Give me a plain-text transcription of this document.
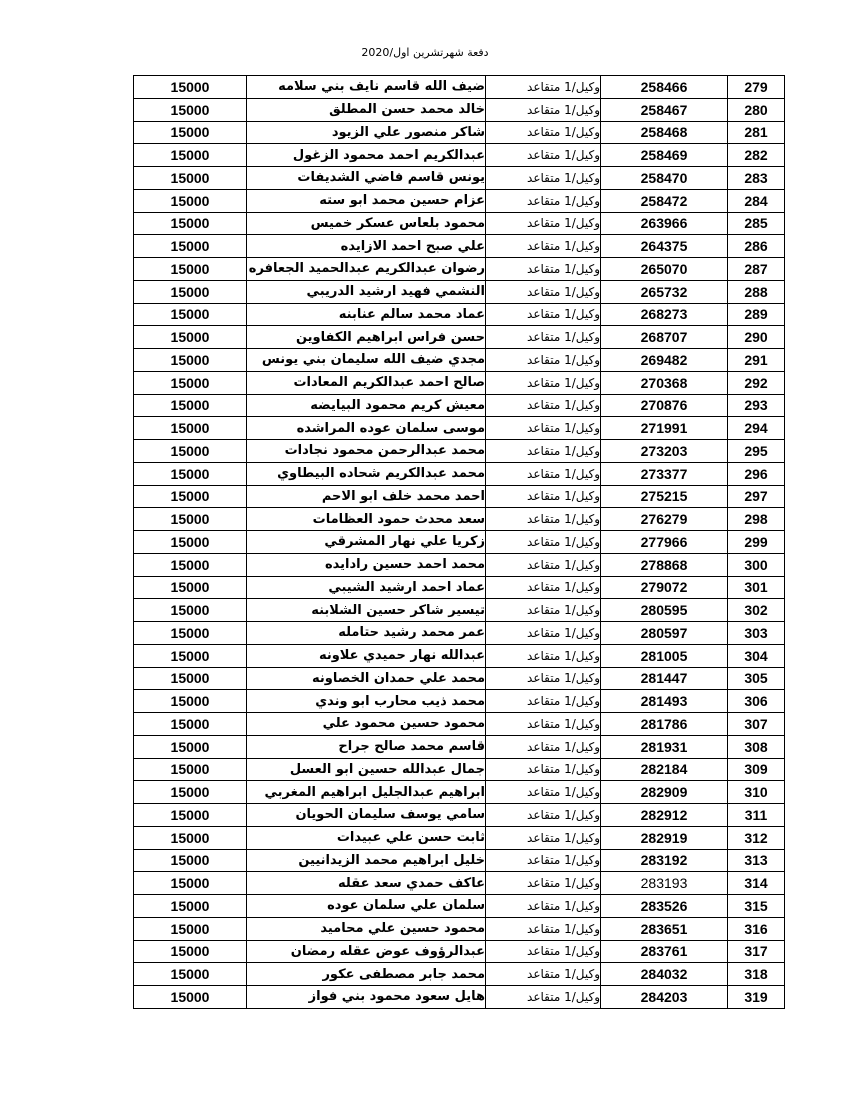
دفعة شهرتشرين اول/2020
15000	ضيف الله قاسم نايف بني سلامه	وكيل/1 متقاعد	258466	279
15000	خالد محمد حسن المطلق	وكيل/1 متقاعد	258467	280
15000	شاكر منصور علي الزيود	وكيل/1 متقاعد	258468	281
15000	عبدالكريم احمد محمود الزغول	وكيل/1 متقاعد	258469	282
15000	يونس قاسم فاضي الشديفات	وكيل/1 متقاعد	258470	283
15000	عزام حسين محمد ابو سته	وكيل/1 متقاعد	258472	284
15000	محمود بلعاس عسكر خميس	وكيل/1 متقاعد	263966	285
15000	علي صبح احمد الازايده	وكيل/1 متقاعد	264375	286
15000	رضوان عبدالكريم عبدالحميد الجعافره	وكيل/1 متقاعد	265070	287
15000	النشمي فهيد ارشيد الدريبي	وكيل/1 متقاعد	265732	288
15000	عماد محمد سالم عنابنه	وكيل/1 متقاعد	268273	289
15000	حسن فراس ابراهيم الكفاوين	وكيل/1 متقاعد	268707	290
15000	مجدي ضيف الله سليمان بني يونس	وكيل/1 متقاعد	269482	291
15000	صالح احمد عبدالكريم المعادات	وكيل/1 متقاعد	270368	292
15000	معيش كريم محمود البيايضه	وكيل/1 متقاعد	270876	293
15000	موسى سلمان عوده المراشده	وكيل/1 متقاعد	271991	294
15000	محمد عبدالرحمن محمود نجادات	وكيل/1 متقاعد	273203	295
15000	محمد عبدالكريم شحاده البيطاوي	وكيل/1 متقاعد	273377	296
15000	احمد محمد خلف ابو الاحم	وكيل/1 متقاعد	275215	297
15000	سعد محدث حمود العظامات	وكيل/1 متقاعد	276279	298
15000	زكريا علي نهار المشرقي	وكيل/1 متقاعد	277966	299
15000	محمد احمد حسين رادايده	وكيل/1 متقاعد	278868	300
15000	عماد احمد ارشيد الشيبي	وكيل/1 متقاعد	279072	301
15000	تيسير شاكر حسين الشلابنه	وكيل/1 متقاعد	280595	302
15000	عمر محمد رشيد حتامله	وكيل/1 متقاعد	280597	303
15000	عبدالله نهار حميدي علاونه	وكيل/1 متقاعد	281005	304
15000	محمد علي حمدان الخصاونه	وكيل/1 متقاعد	281447	305
15000	محمد ذيب محارب ابو وندي	وكيل/1 متقاعد	281493	306
15000	محمود حسين محمود علي	وكيل/1 متقاعد	281786	307
15000	قاسم محمد صالح جراح	وكيل/1 متقاعد	281931	308
15000	جمال عبدالله حسين ابو العسل	وكيل/1 متقاعد	282184	309
15000	ابراهيم عبدالجليل ابراهيم المغربي	وكيل/1 متقاعد	282909	310
15000	سامي يوسف سليمان الحويان	وكيل/1 متقاعد	282912	311
15000	ثابت حسن علي عبيدات	وكيل/1 متقاعد	282919	312
15000	خليل ابراهيم محمد الزيدانيين	وكيل/1 متقاعد	283192	313
15000	عاكف حمدي سعد عقله	وكيل/1 متقاعد	283193	314
15000	سلمان علي سلمان عوده	وكيل/1 متقاعد	283526	315
15000	محمود حسين علي محاميد	وكيل/1 متقاعد	283651	316
15000	عبدالرؤوف عوض عقله رمضان	وكيل/1 متقاعد	283761	317
15000	محمد جابر مصطفى عكور	وكيل/1 متقاعد	284032	318
15000	هايل سعود محمود بني فواز	وكيل/1 متقاعد	284203	319
